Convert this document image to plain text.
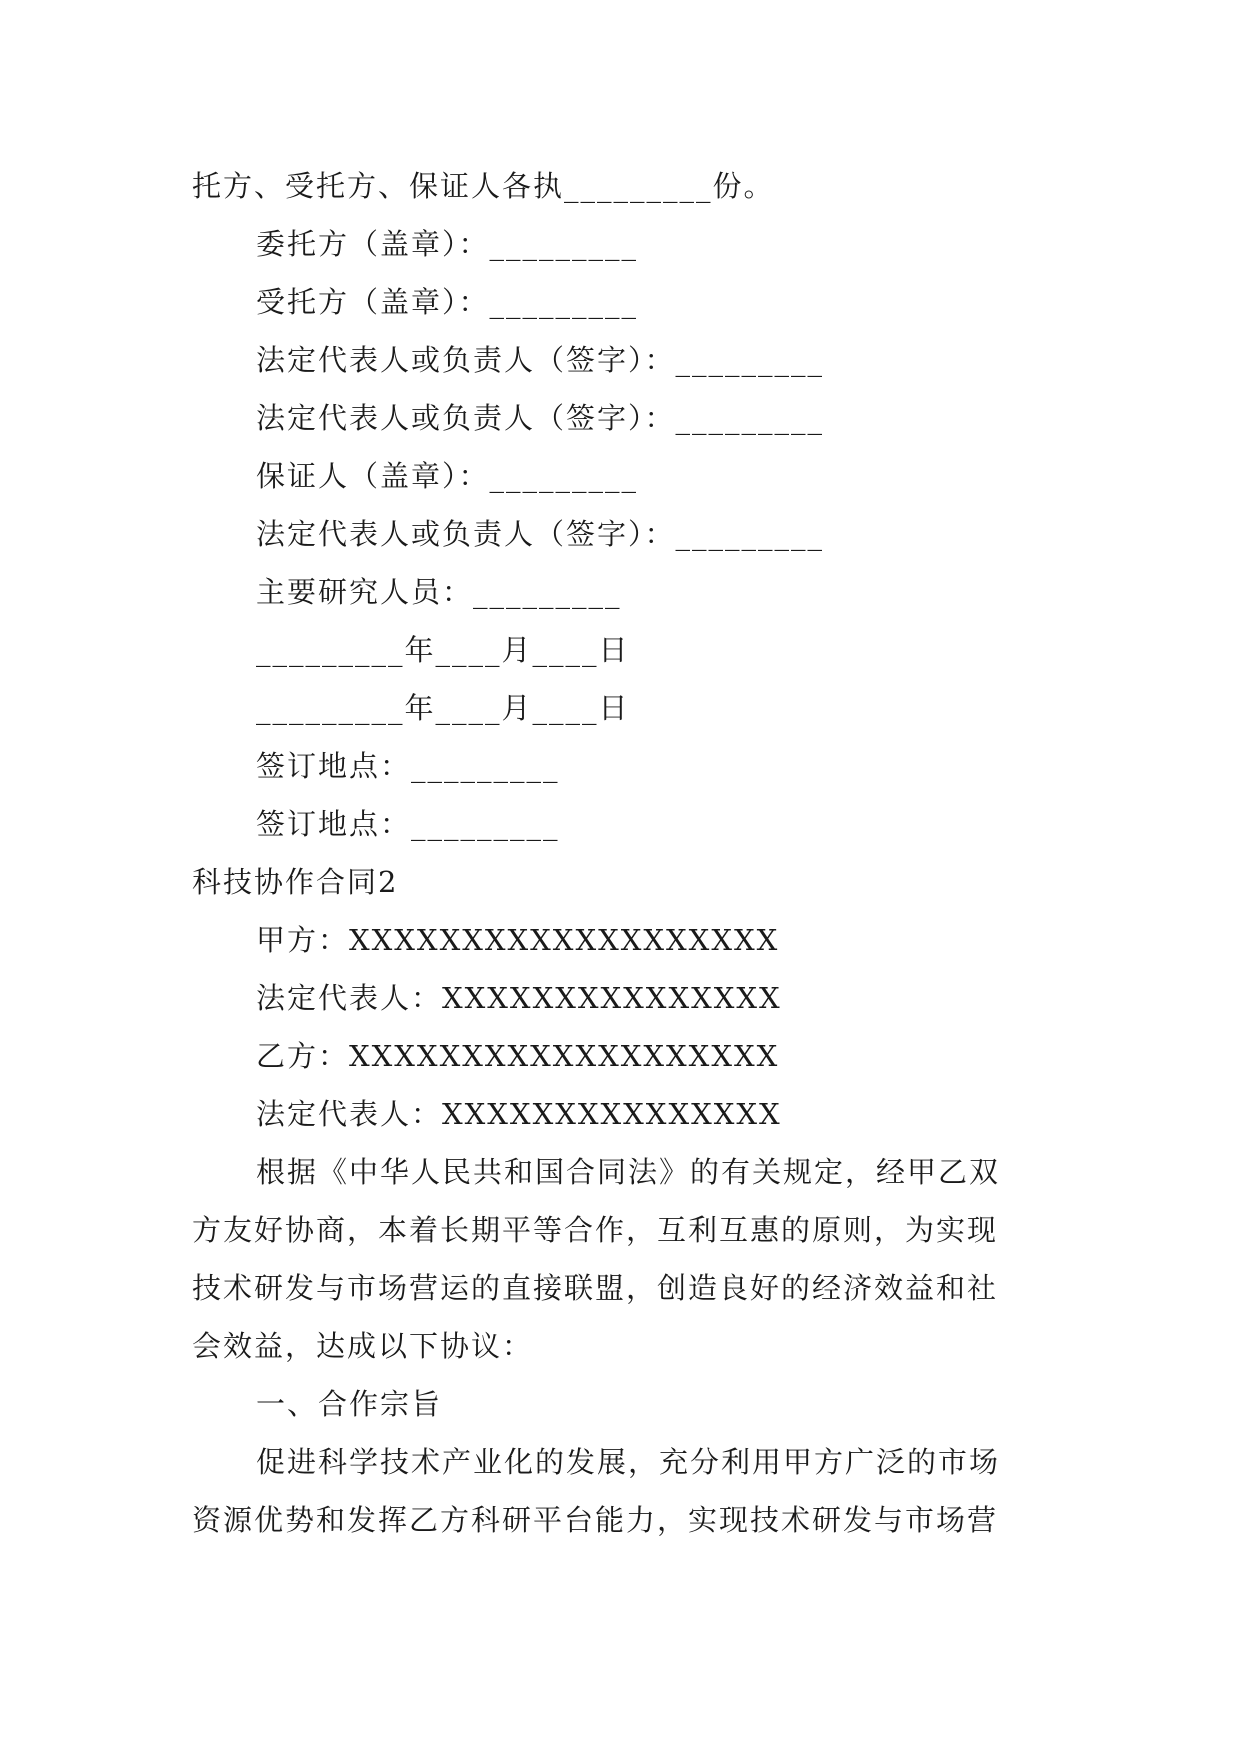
托方、受托方、保证人各执_________份。
委托方（盖章）：_________
受托方（盖章）：_________
法定代表人或负责人（签字）：_________
法定代表人或负责人（签字）：_________
保证人（盖章）：_________
法定代表人或负责人（签字）：_________
主要研究人员：_________
_________年____月____日
_________年____月____日
签订地点：_________
签订地点：_________
科技协作合同2
甲方：XXXXXXXXXXXXXXXXXXX
法定代表人：XXXXXXXXXXXXXXX
乙方：XXXXXXXXXXXXXXXXXXX
法定代表人：XXXXXXXXXXXXXXX
根据《中华人民共和国合同法》的有关规定，经甲乙双
方友好协商，本着长期平等合作，互利互惠的原则，为实现
技术研发与市场营运的直接联盟，创造良好的经济效益和社
会效益，达成以下协议：
一、合作宗旨
促进科学技术产业化的发展，充分利用甲方广泛的市场
资源优势和发挥乙方科研平台能力，实现技术研发与市场营
